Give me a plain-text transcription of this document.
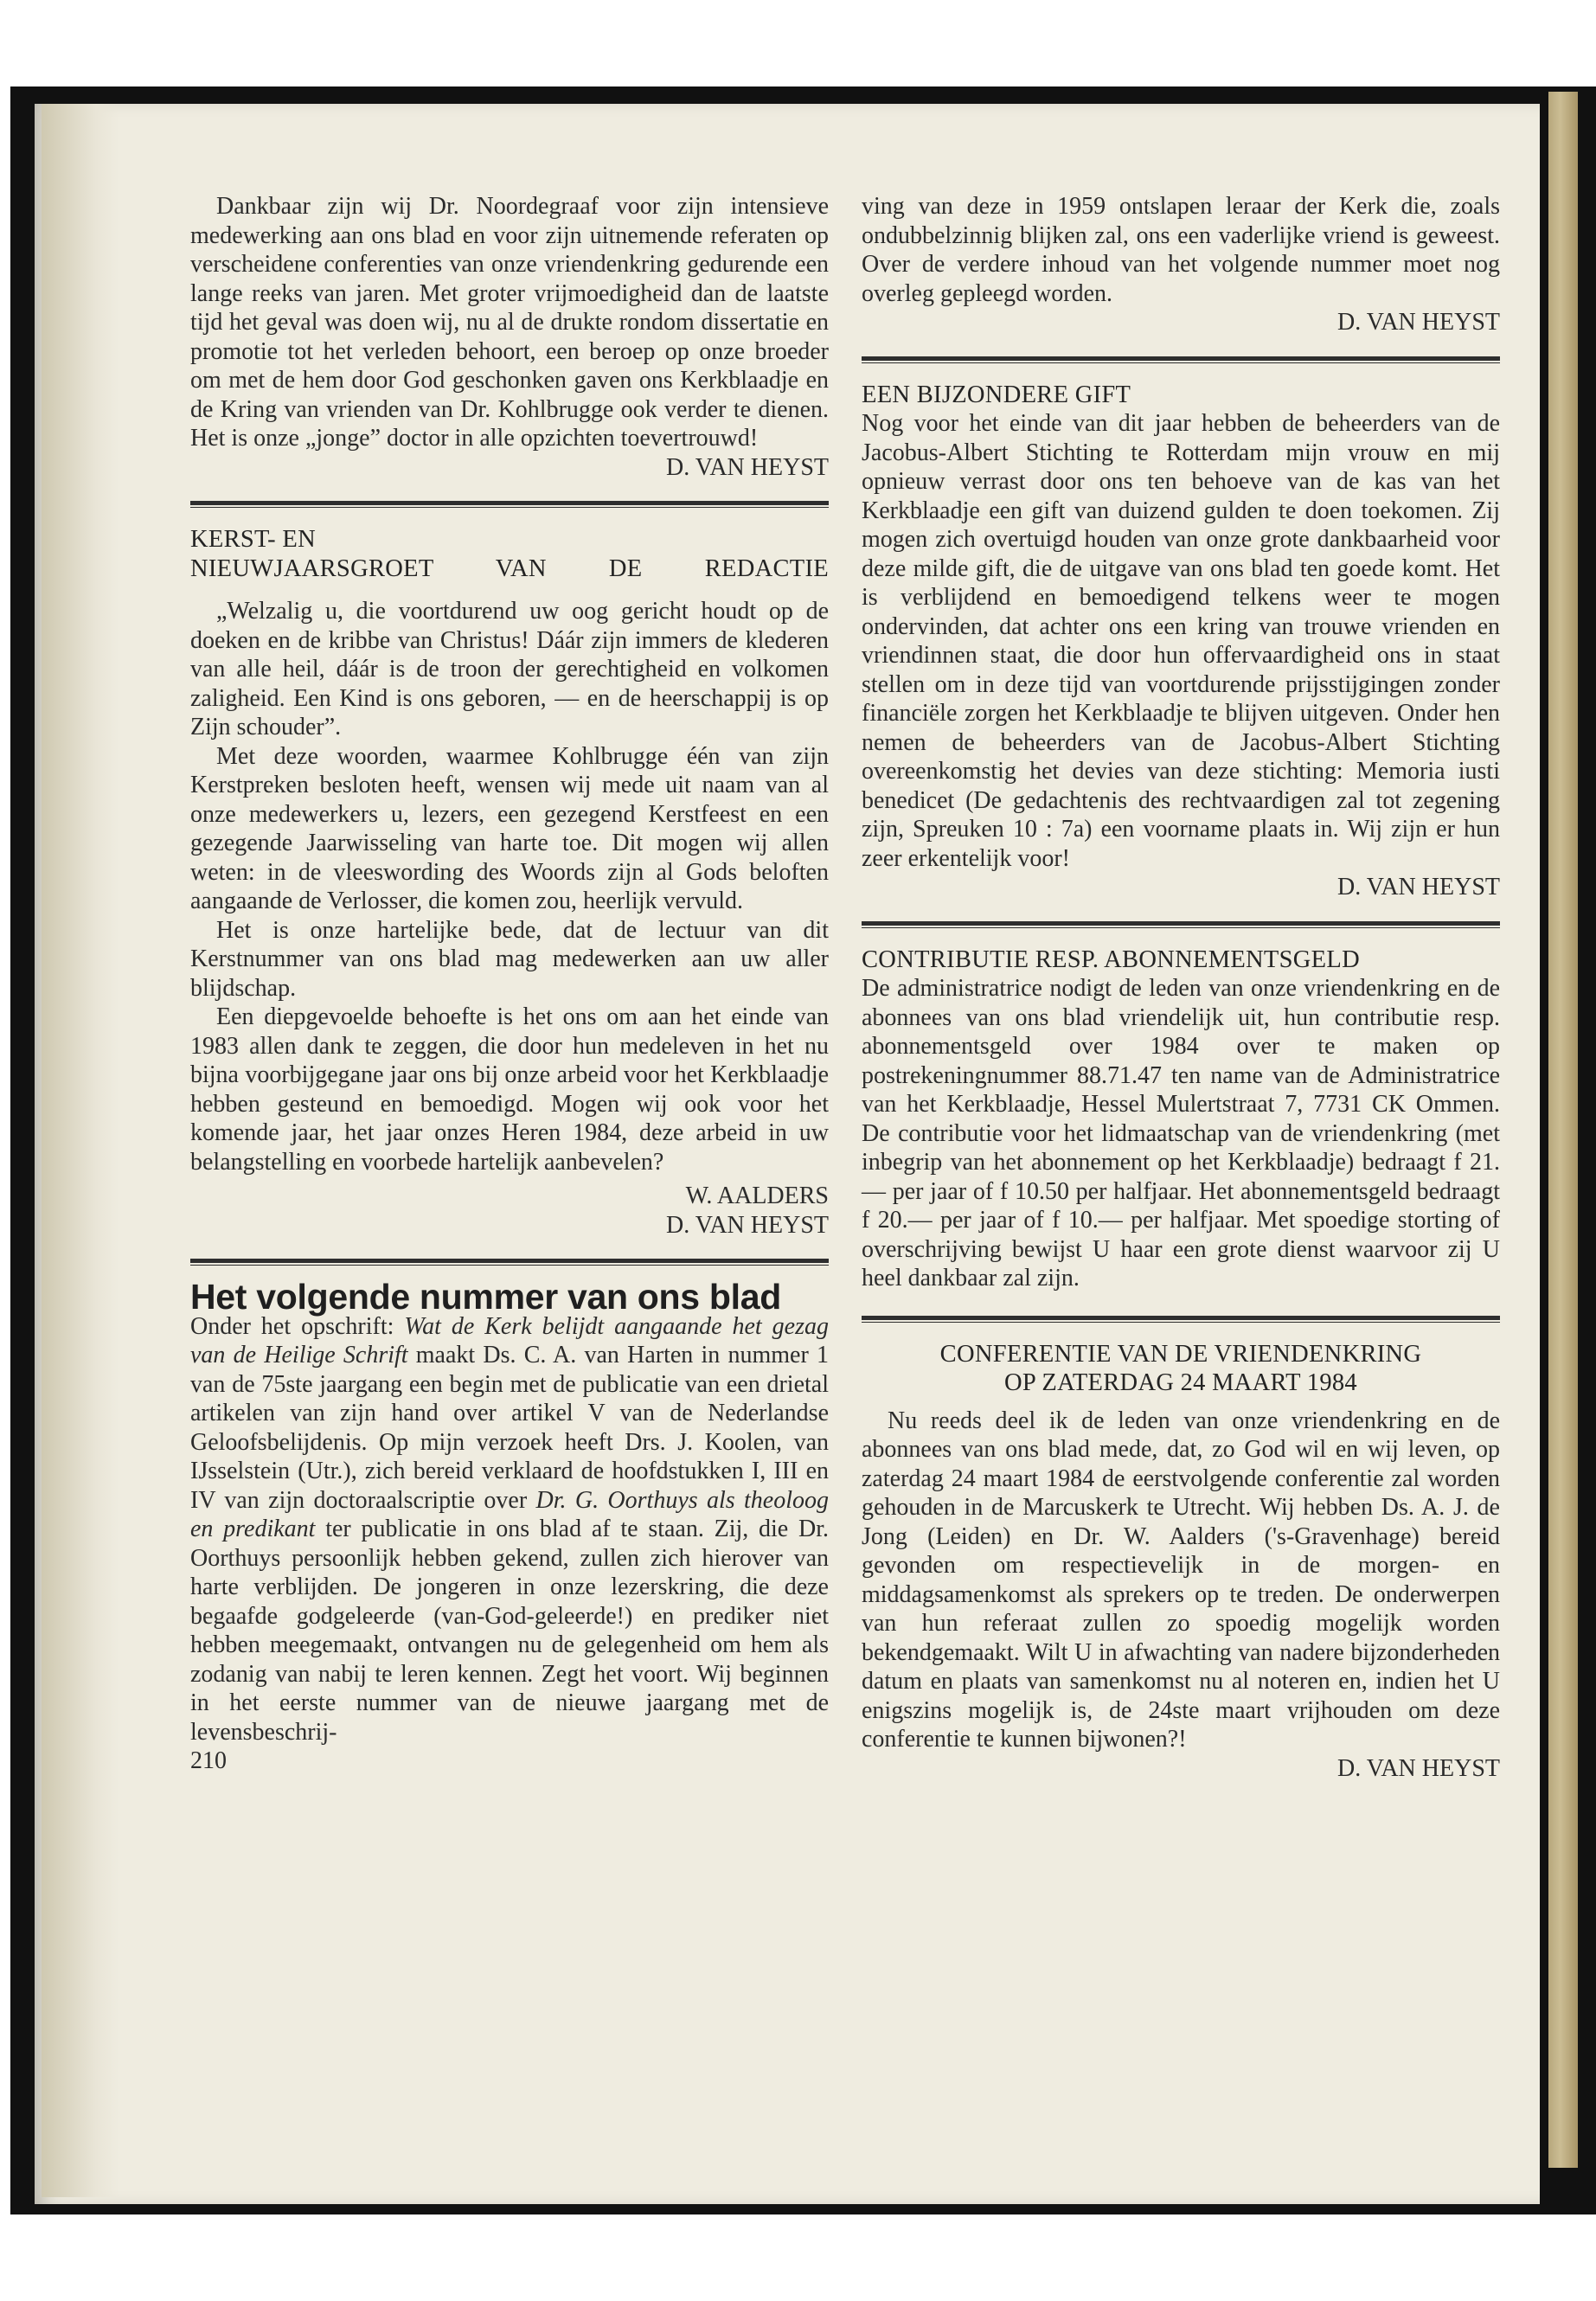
Dankbaar zijn wij Dr. Noordegraaf voor zijn intensieve medewerking aan ons blad en voor zijn uitnemende referaten op verscheidene conferenties van onze vriendenkring gedurende een lange reeks van jaren. Met groter vrijmoedigheid dan de laatste tijd het geval was doen wij, nu al de drukte rondom dissertatie en promotie tot het verleden behoort, een beroep op onze broeder om met de hem door God geschonken gaven ons Kerkblaadje en de Kring van vrienden van Dr. Kohlbrugge ook verder te dienen. Het is onze „jonge” doctor in alle opzichten toevertrouwd!

D. VAN HEYST

KERST- EN

NIEUWJAARSGROET VAN DE REDACTIE

„Welzalig u, die voortdurend uw oog gericht houdt op de doeken en de kribbe van Christus! Dáár zijn immers de klederen van alle heil, dáár is de troon der gerechtigheid en volkomen zaligheid. Een Kind is ons geboren, — en de heerschappij is op Zijn schouder”.

Met deze woorden, waarmee Kohlbrugge één van zijn Kerstpreken besloten heeft, wensen wij mede uit naam van al onze medewerkers u, lezers, een gezegend Kerstfeest en een gezegende Jaarwisseling van harte toe. Dit mogen wij allen weten: in de vleeswording des Woords zijn al Gods beloften aangaande de Verlosser, die komen zou, heerlijk vervuld.

Het is onze hartelijke bede, dat de lectuur van dit Kerstnummer van ons blad mag medewerken aan uw aller blijdschap.

Een diepgevoelde behoefte is het ons om aan het einde van 1983 allen dank te zeggen, die door hun medeleven in het nu bijna voorbijgegane jaar ons bij onze arbeid voor het Kerkblaadje hebben gesteund en bemoedigd. Mogen wij ook voor het komende jaar, het jaar onzes Heren 1984, deze arbeid in uw belangstelling en voorbede hartelijk aanbevelen?

W. AALDERS

D. VAN HEYST

Het volgende nummer van ons blad

Onder het opschrift: Wat de Kerk belijdt aangaande het gezag van de Heilige Schrift maakt Ds. C. A. van Harten in nummer 1 van de 75ste jaargang een begin met de publicatie van een drietal artikelen van zijn hand over artikel V van de Nederlandse Geloofsbelijdenis. Op mijn verzoek heeft Drs. J. Koolen, van IJsselstein (Utr.), zich bereid verklaard de hoofdstukken I, III en IV van zijn doctoraalscriptie over Dr. G. Oorthuys als theoloog en predikant ter publicatie in ons blad af te staan. Zij, die Dr. Oorthuys persoonlijk hebben gekend, zullen zich hierover van harte verblijden. De jongeren in onze lezerskring, die deze begaafde godgeleerde (van-God-geleerde!) en prediker niet hebben meegemaakt, ontvangen nu de gelegenheid om hem als zodanig van nabij te leren kennen. Zegt het voort. Wij beginnen in het eerste nummer van de nieuwe jaargang met de levensbeschrij-

210

ving van deze in 1959 ontslapen leraar der Kerk die, zoals ondubbelzinnig blijken zal, ons een vaderlijke vriend is geweest. Over de verdere inhoud van het volgende nummer moet nog overleg gepleegd worden.

D. VAN HEYST

EEN BIJZONDERE GIFT

Nog voor het einde van dit jaar hebben de beheerders van de Jacobus-Albert Stichting te Rotterdam mijn vrouw en mij opnieuw verrast door ons ten behoeve van de kas van het Kerkblaadje een gift van duizend gulden te doen toekomen. Zij mogen zich overtuigd houden van onze grote dankbaarheid voor deze milde gift, die de uitgave van ons blad ten goede komt. Het is verblijdend en bemoedigend telkens weer te mogen ondervinden, dat achter ons een kring van trouwe vrienden en vriendinnen staat, die door hun offervaardigheid ons in staat stellen om in deze tijd van voortdurende prijsstijgingen zonder financiële zorgen het Kerkblaadje te blijven uitgeven. Onder hen nemen de beheerders van de Jacobus-Albert Stichting overeenkomstig het devies van deze stichting: Memoria iusti benedicet (De gedachtenis des rechtvaardigen zal tot zegening zijn, Spreuken 10 : 7a) een voorname plaats in. Wij zijn er hun zeer erkentelijk voor!

D. VAN HEYST

CONTRIBUTIE RESP. ABONNEMENTSGELD

De administratrice nodigt de leden van onze vriendenkring en de abonnees van ons blad vriendelijk uit, hun contributie resp. abonnementsgeld over 1984 over te maken op postrekeningnummer 88.71.47 ten name van de Administratrice van het Kerkblaadje, Hessel Mulertstraat 7, 7731 CK Ommen. De contributie voor het lidmaatschap van de vriendenkring (met inbegrip van het abonnement op het Kerkblaadje) bedraagt f 21.— per jaar of f 10.50 per halfjaar. Het abonnementsgeld bedraagt f 20.— per jaar of f 10.— per halfjaar. Met spoedige storting of overschrijving bewijst U haar een grote dienst waarvoor zij U heel dankbaar zal zijn.

CONFERENTIE VAN DE VRIENDENKRING

OP ZATERDAG 24 MAART 1984

Nu reeds deel ik de leden van onze vriendenkring en de abonnees van ons blad mede, dat, zo God wil en wij leven, op zaterdag 24 maart 1984 de eerstvolgende conferentie zal worden gehouden in de Marcuskerk te Utrecht. Wij hebben Ds. A. J. de Jong (Leiden) en Dr. W. Aalders ('s-Gravenhage) bereid gevonden om respectievelijk in de morgen- en middagsamenkomst als sprekers op te treden. De onderwerpen van hun referaat zullen zo spoedig mogelijk worden bekendgemaakt. Wilt U in afwachting van nadere bijzonderheden datum en plaats van samenkomst nu al noteren en, indien het U enigszins mogelijk is, de 24ste maart vrijhouden om deze conferentie te kunnen bijwonen?!

D. VAN HEYST
